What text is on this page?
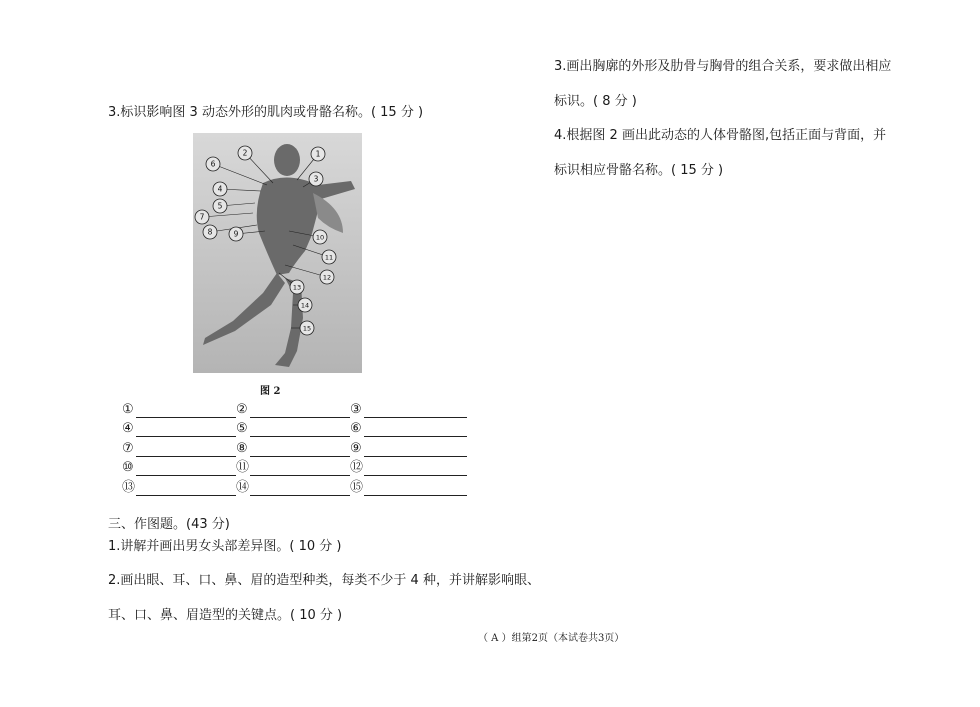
3.画出胸廓的外形及肋骨与胸骨的组合关系，要求做出相应
标识。( 8 分 )
4.根据图 2 画出此动态的人体骨骼图,包括正面与背面，并
标识相应骨骼名称。( 15 分 )
3.标识影响图 3 动态外形的肌肉或骨骼名称。( 15 分 )
1
2
3
4
5
6
7
8	9	10
11
12
13
14
15
图 2
①	②	③
④	⑤	⑥
⑦	⑧	⑨
⑩	⑪	⑫
⑬	⑭	⑮
三、作图题。(43 分)
1.讲解并画出男女头部差异图。( 10 分 )
2.画出眼、耳、口、鼻、眉的造型种类，每类不少于 4 种，并讲解影响眼、
耳、口、鼻、眉造型的关键点。( 10 分 )
（ A ）组第2页（本试卷共3页）
